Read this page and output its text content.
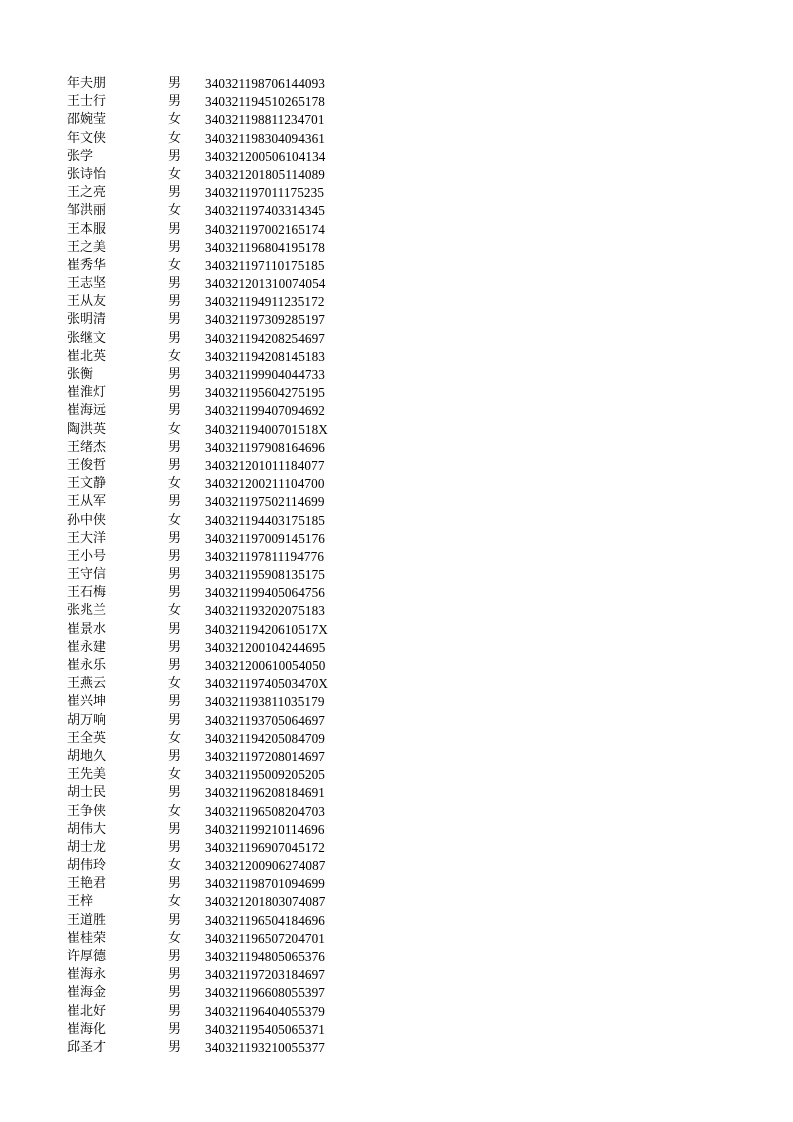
年夫朋	男	340321198706144093
王士行	男	340321194510265178
邵婉莹	女	340321198811234701
年文侠	女	340321198304094361
张学	男	340321200506104134
张诗怡	女	340321201805114089
王之亮	男	340321197011175235
邹洪丽	女	340321197403314345
王本服	男	340321197002165174
王之美	男	340321196804195178
崔秀华	女	340321197110175185
王志坚	男	340321201310074054
王从友	男	340321194911235172
张明清	男	340321197309285197
张继文	男	340321194208254697
崔北英	女	340321194208145183
张衡	男	340321199904044733
崔淮灯	男	340321195604275195
崔海远	男	340321199407094692
陶洪英	女	34032119400701518X
王绪杰	男	340321197908164696
王俊哲	男	340321201011184077
王文静	女	340321200211104700
王从军	男	340321197502114699
孙中侠	女	340321194403175185
王大洋	男	340321197009145176
王小号	男	340321197811194776
王守信	男	340321195908135175
王石梅	男	340321199405064756
张兆兰	女	340321193202075183
崔景水	男	34032119420610517X
崔永建	男	340321200104244695
崔永乐	男	340321200610054050
王燕云	女	34032119740503470X
崔兴坤	男	340321193811035179
胡万响	男	340321193705064697
王全英	女	340321194205084709
胡地久	男	340321197208014697
王先美	女	340321195009205205
胡士民	男	340321196208184691
王争侠	女	340321196508204703
胡伟大	男	340321199210114696
胡士龙	男	340321196907045172
胡伟玲	女	340321200906274087
王艳君	男	340321198701094699
王梓	女	340321201803074087
王道胜	男	340321196504184696
崔桂荣	女	340321196507204701
许厚德	男	340321194805065376
崔海永	男	340321197203184697
崔海金	男	340321196608055397
崔北好	男	340321196404055379
崔海化	男	340321195405065371
邱圣才	男	340321193210055377
